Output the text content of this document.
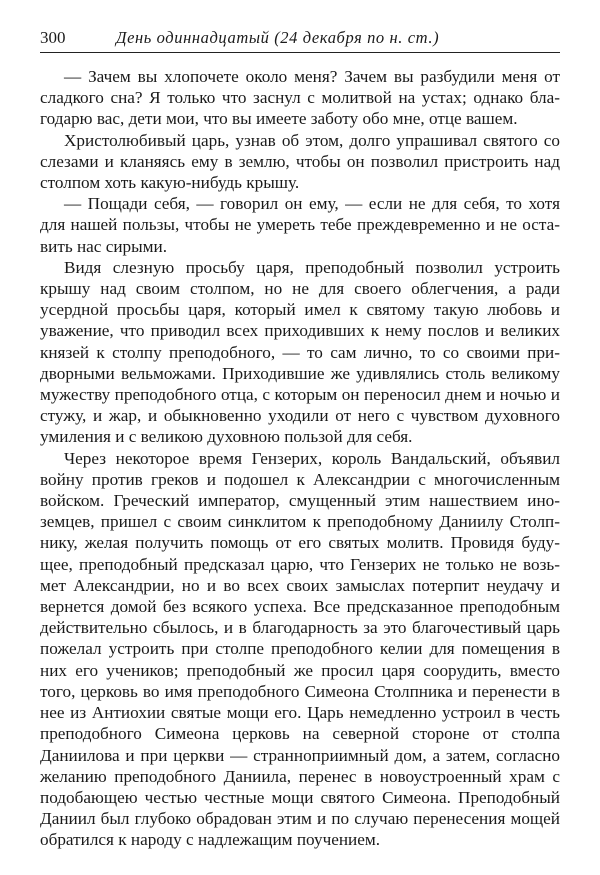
300	День одиннадцатый (24 декабря по н. ст.)

— Зачем вы хлопочете около меня? Зачем вы разбудили меня от сладкого сна? Я только что заснул с молитвой на устах; однако благодарю вас, дети мои, что вы имеете заботу обо мне, отце вашем.

Христолюбивый царь, узнав об этом, долго упрашивал святого со слезами и кланяясь ему в землю, чтобы он позволил пристроить над столпом хоть какую-нибудь крышу.

— Пощади себя, — говорил он ему, — если не для себя, то хотя для нашей пользы, чтобы не умереть тебе преждевременно и не оставить нас сирыми.

Видя слезную просьбу царя, преподобный позволил устроить крышу над своим столпом, но не для своего облегчения, а ради усердной просьбы царя, который имел к святому такую любовь и уважение, что приводил всех приходивших к нему послов и великих князей к столпу преподобного, — то сам лично, то со своими придворными вельможами. Приходившие же удивлялись столь великому мужеству преподобного отца, с которым он переносил днем и ночью и стужу, и жар, и обыкновенно уходили от него с чувством духовного умиления и с великою духовною пользой для себя.

Через некоторое время Гензерих, король Вандальский, объявил войну против греков и подошел к Александрии с многочисленным войском. Греческий император, смущенный этим нашествием иноземцев, пришел с своим синклитом к преподобному Даниилу Столпнику, желая получить помощь от его святых молитв. Провидя будущее, преподобный предсказал царю, что Гензерих не только не возьмет Александрии, но и во всех своих замыслах потерпит неудачу и вернется домой без всякого успеха. Все предсказанное преподобным действительно сбылось, и в благодарность за это благочестивый царь пожелал устроить при столпе преподобного келии для помещения в них его учеников; преподобный же просил царя соорудить, вместо того, церковь во имя преподобного Симеона Столпника и перенести в нее из Антиохии святые мощи его. Царь немедленно устроил в честь преподобного Симеона церковь на северной стороне от столпа Даниилова и при церкви — странноприимный дом, а затем, согласно желанию преподобного Даниила, перенес в новоустроенный храм с подобающею честью честные мощи святого Симеона. Преподобный Даниил был глубоко обрадован этим и по случаю перенесения мощей обратился к народу с надлежащим поучением.
